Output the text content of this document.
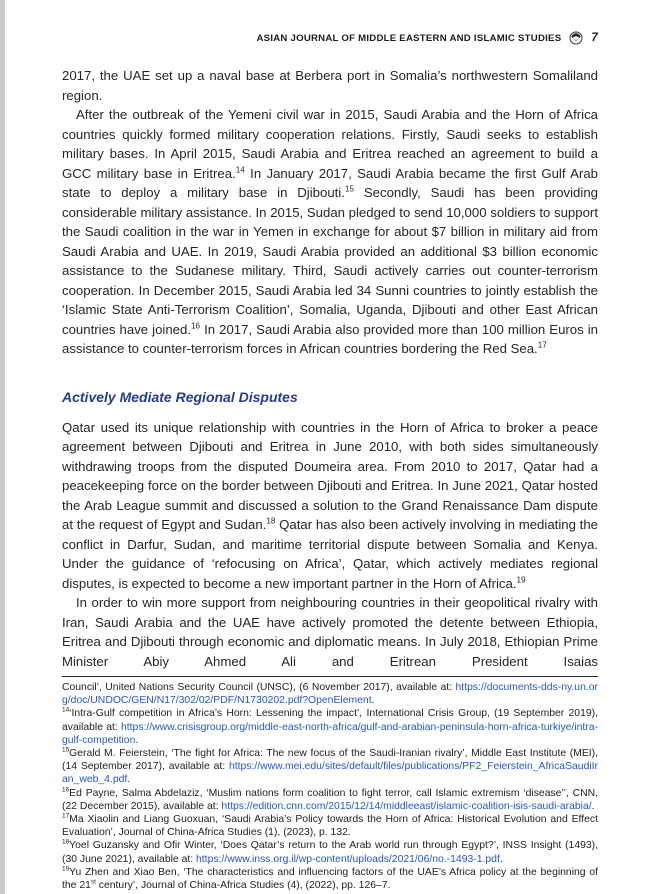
ASIAN JOURNAL OF MIDDLE EASTERN AND ISLAMIC STUDIES	7

2017, the UAE set up a naval base at Berbera port in Somalia’s northwestern Somaliland region.

After the outbreak of the Yemeni civil war in 2015, Saudi Arabia and the Horn of Africa countries quickly formed military cooperation relations. Firstly, Saudi seeks to establish military bases. In April 2015, Saudi Arabia and Eritrea reached an agreement to build a GCC military base in Eritrea.$^{14}$ In January 2017, Saudi Arabia became the first Gulf Arab state to deploy a military base in Djibouti.$^{15}$ Secondly, Saudi has been providing considerable military assistance. In 2015, Sudan pledged to send 10,000 soldiers to support the Saudi coalition in the war in Yemen in exchange for about $7 billion in military aid from Saudi Arabia and UAE. In 2019, Saudi Arabia provided an additional $3 billion economic assistance to the Sudanese military. Third, Saudi actively carries out counter-terrorism cooperation. In December 2015, Saudi Arabia led 34 Sunni countries to jointly establish the ‘Islamic State Anti-Terrorism Coalition’, Somalia, Uganda, Djibouti and other East African countries have joined.$^{16}$ In 2017, Saudi Arabia also provided more than 100 million Euros in assistance to counter-terrorism forces in African countries bordering the Red Sea.$^{17}$

Actively Mediate Regional Disputes

Qatar used its unique relationship with countries in the Horn of Africa to broker a peace agreement between Djibouti and Eritrea in June 2010, with both sides simultaneously withdrawing troops from the disputed Doumeira area. From 2010 to 2017, Qatar had a peacekeeping force on the border between Djibouti and Eritrea. In June 2021, Qatar hosted the Arab League summit and discussed a solution to the Grand Renaissance Dam dispute at the request of Egypt and Sudan.$^{18}$ Qatar has also been actively involving in mediating the conflict in Darfur, Sudan, and maritime territorial dispute between Somalia and Kenya. Under the guidance of ‘refocusing on Africa’, Qatar, which actively mediates regional disputes, is expected to become a new important partner in the Horn of Africa.$^{19}$

In order to win more support from neighbouring countries in their geopolitical rivalry with Iran, Saudi Arabia and the UAE have actively promoted the detente between Ethiopia, Eritrea and Djibouti through economic and diplomatic means. In July 2018, Ethiopian Prime Minister Abiy Ahmed Ali and Eritrean President Isaias

Council’, United Nations Security Council (UNSC), (6 November 2017), available at: https://documents-dds-ny.un.org/doc/UNDOC/GEN/N17/302/02/PDF/N1730202.pdf?OpenElement.

$^{14}$‘Intra-Gulf competition in Africa’s Horn: Lessening the impact’, International Crisis Group, (19 September 2019), available at: https://www.crisisgroup.org/middle-east-north-africa/gulf-and-arabian-peninsula-horn-africa-turkiye/intra-gulf-competition.

$^{15}$Gerald M. Feierstein, ‘The fight for Africa: The new focus of the Saudi-Iranian rivalry’, Middle East Institute (MEI), (14 September 2017), available at: https://www.mei.edu/sites/default/files/publications/PF2_Feierstein_AfricaSaudiIran_web_4.pdf.

$^{16}$Ed Payne, Salma Abdelaziz, ‘Muslim nations form coalition to fight terror, call Islamic extremism ‘disease’’, CNN, (22 December 2015), available at: https://edition.cnn.com/2015/12/14/middleeast/islamic-coalition-isis-saudi-arabia/.

$^{17}$Ma Xiaolin and Liang Guoxuan, ‘Saudi Arabia’s Policy towards the Horn of Africa: Historical Evolution and Effect Evaluation’, Journal of China-Africa Studies (1), (2023), p. 132.

$^{18}$Yoel Guzansky and Ofir Winter, ‘Does Qatar’s return to the Arab world run through Egypt?’, INSS Insight (1493), (30 June 2021), available at: https://www.inss.org.il/wp-content/uploads/2021/06/no.-1493-1.pdf.

$^{19}$Yu Zhen and Xiao Ben, ‘The characteristics and influencing factors of the UAE’s Africa policy at the beginning of the 21st century’, Journal of China-Africa Studies (4), (2022), pp. 126–7.
